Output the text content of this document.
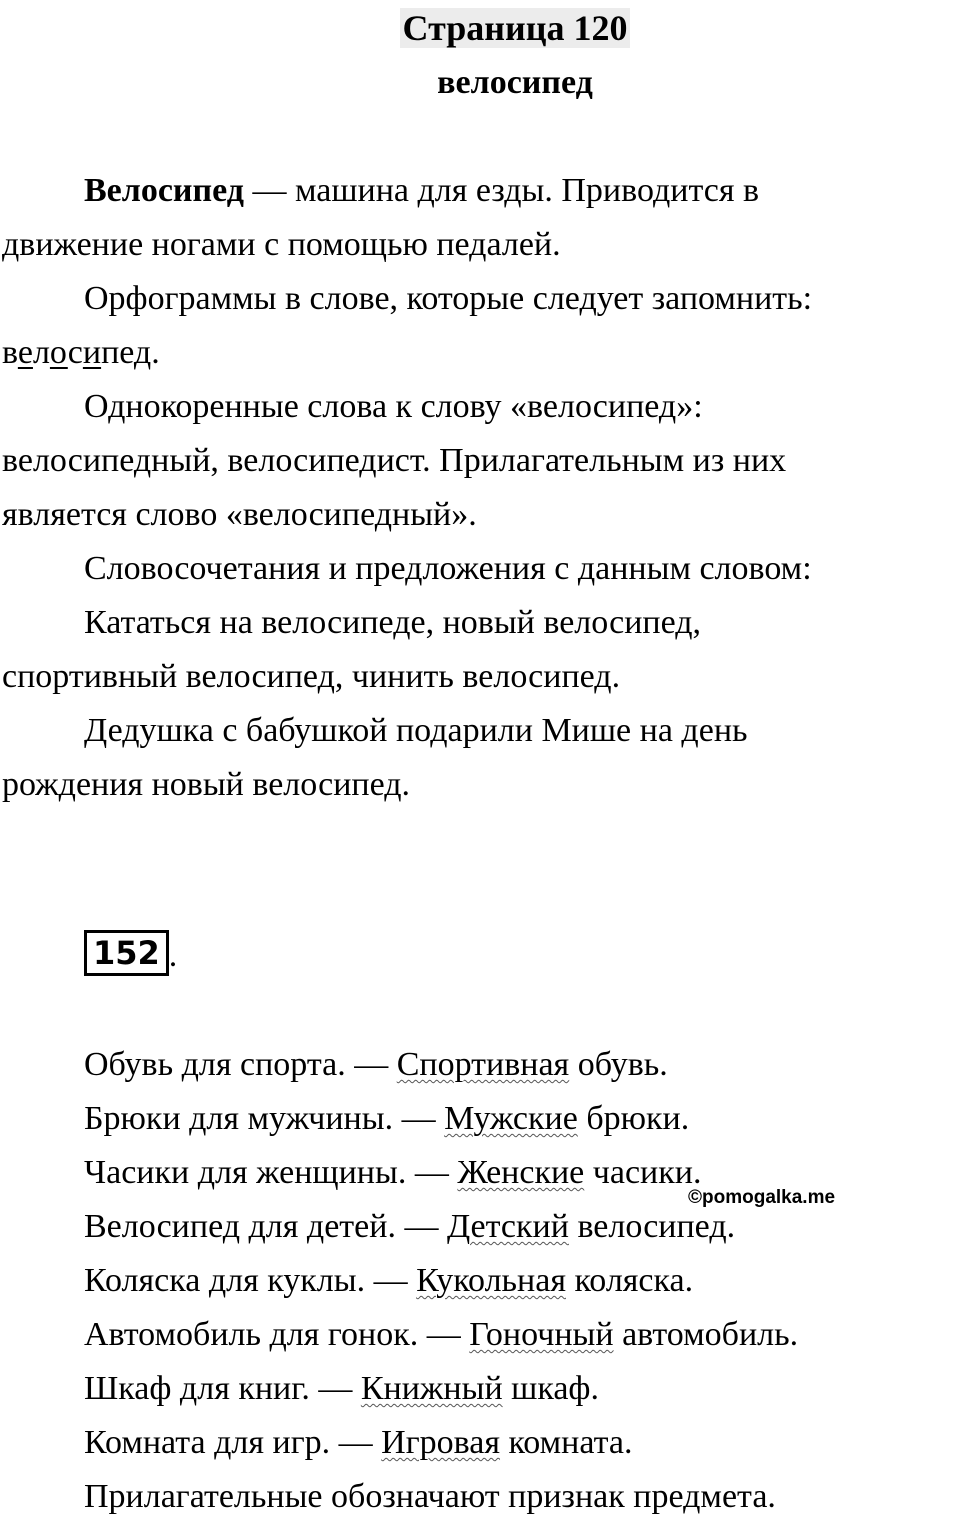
Страница 120
велосипед
Велосипед — машина для езды. Приводится в
движение ногами с помощью педалей.
Орфограммы в слове, которые следует запомнить:
велосипед.
Однокоренные слова к слову «велосипед»:
велосипедный, велосипедист. Прилагательным из них
является слово «велосипедный».
Словосочетания и предложения с данным словом:
Кататься на велосипеде, новый велосипед,
спортивный велосипед, чинить велосипед.
Дедушка с бабушкой подарили Мише на день
рождения новый велосипед.
152 .
Обувь для спорта. — Спортивная обувь.
Брюки для мужчины. — Мужские брюки.
Часики для женщины. — Женские часики.
Велосипед для детей. — Детский велосипед.
Коляска для куклы. — Кукольная коляска.
Автомобиль для гонок. — Гоночный автомобиль.
Шкаф для книг. — Книжный шкаф.
Комната для игр. — Игровая комната.
Прилагательные обозначают признак предмета.
©pomogalka.me
